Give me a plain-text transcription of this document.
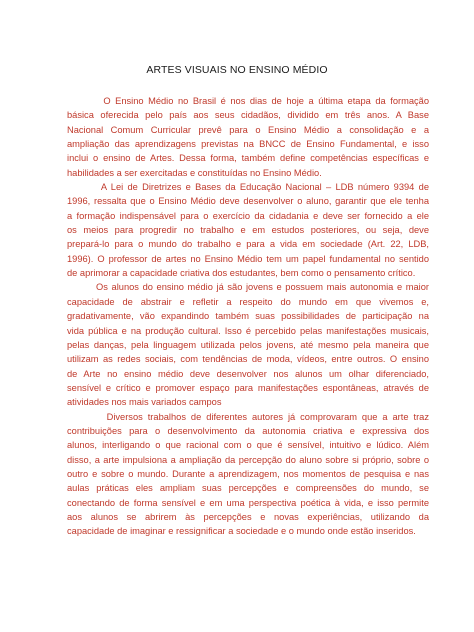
ARTES VISUAIS NO ENSINO MÉDIO
O Ensino Médio no Brasil é nos dias de hoje a última etapa da formação
básica oferecida pelo país aos seus cidadãos, dividido em três anos. A Base
Nacional Comum Curricular prevê para o Ensino Médio a consolidação e a
ampliação das aprendizagens previstas na BNCC de Ensino Fundamental, e isso
inclui o ensino de Artes. Dessa forma, também define competências específicas e
habilidades a ser exercitadas e constituídas no Ensino Médio.
A Lei de Diretrizes e Bases da Educação Nacional – LDB número 9394 de
1996, ressalta que o Ensino Médio deve desenvolver o aluno, garantir que ele tenha
a formação indispensável para o exercício da cidadania e deve ser fornecido a ele
os meios para progredir no trabalho e em estudos posteriores, ou seja, deve
prepará-lo para o mundo do trabalho e para a vida em sociedade (Art. 22, LDB,
1996). O professor de artes no Ensino Médio tem um papel fundamental no sentido
de aprimorar a capacidade criativa dos estudantes, bem como o pensamento crítico.
Os alunos do ensino médio já são jovens e possuem mais autonomia e maior
capacidade de abstrair e refletir a respeito do mundo em que vivemos e,
gradativamente, vão expandindo também suas possibilidades de participação na
vida pública e na produção cultural. Isso é percebido pelas manifestações musicais,
pelas danças, pela linguagem utilizada pelos jovens, até mesmo pela maneira que
utilizam as redes sociais, com tendências de moda, vídeos, entre outros. O ensino
de Arte no ensino médio deve desenvolver nos alunos um olhar diferenciado,
sensível e crítico e promover espaço para manifestações espontâneas, através de
atividades nos mais variados campos
Diversos trabalhos de diferentes autores já comprovaram que a arte traz
contribuições para o desenvolvimento da autonomia criativa e expressiva dos
alunos, interligando o que racional com o que é sensível, intuitivo e lúdico. Além
disso, a arte impulsiona a ampliação da percepção do aluno sobre si próprio, sobre o
outro e sobre o mundo. Durante a aprendizagem, nos momentos de pesquisa e nas
aulas práticas eles ampliam suas percepções e compreensões do mundo, se
conectando de forma sensível e em uma perspectiva poética à vida, e isso permite
aos alunos se abrirem às percepções e novas experiências, utilizando da
capacidade de imaginar e ressignificar a sociedade e o mundo onde estão inseridos.
